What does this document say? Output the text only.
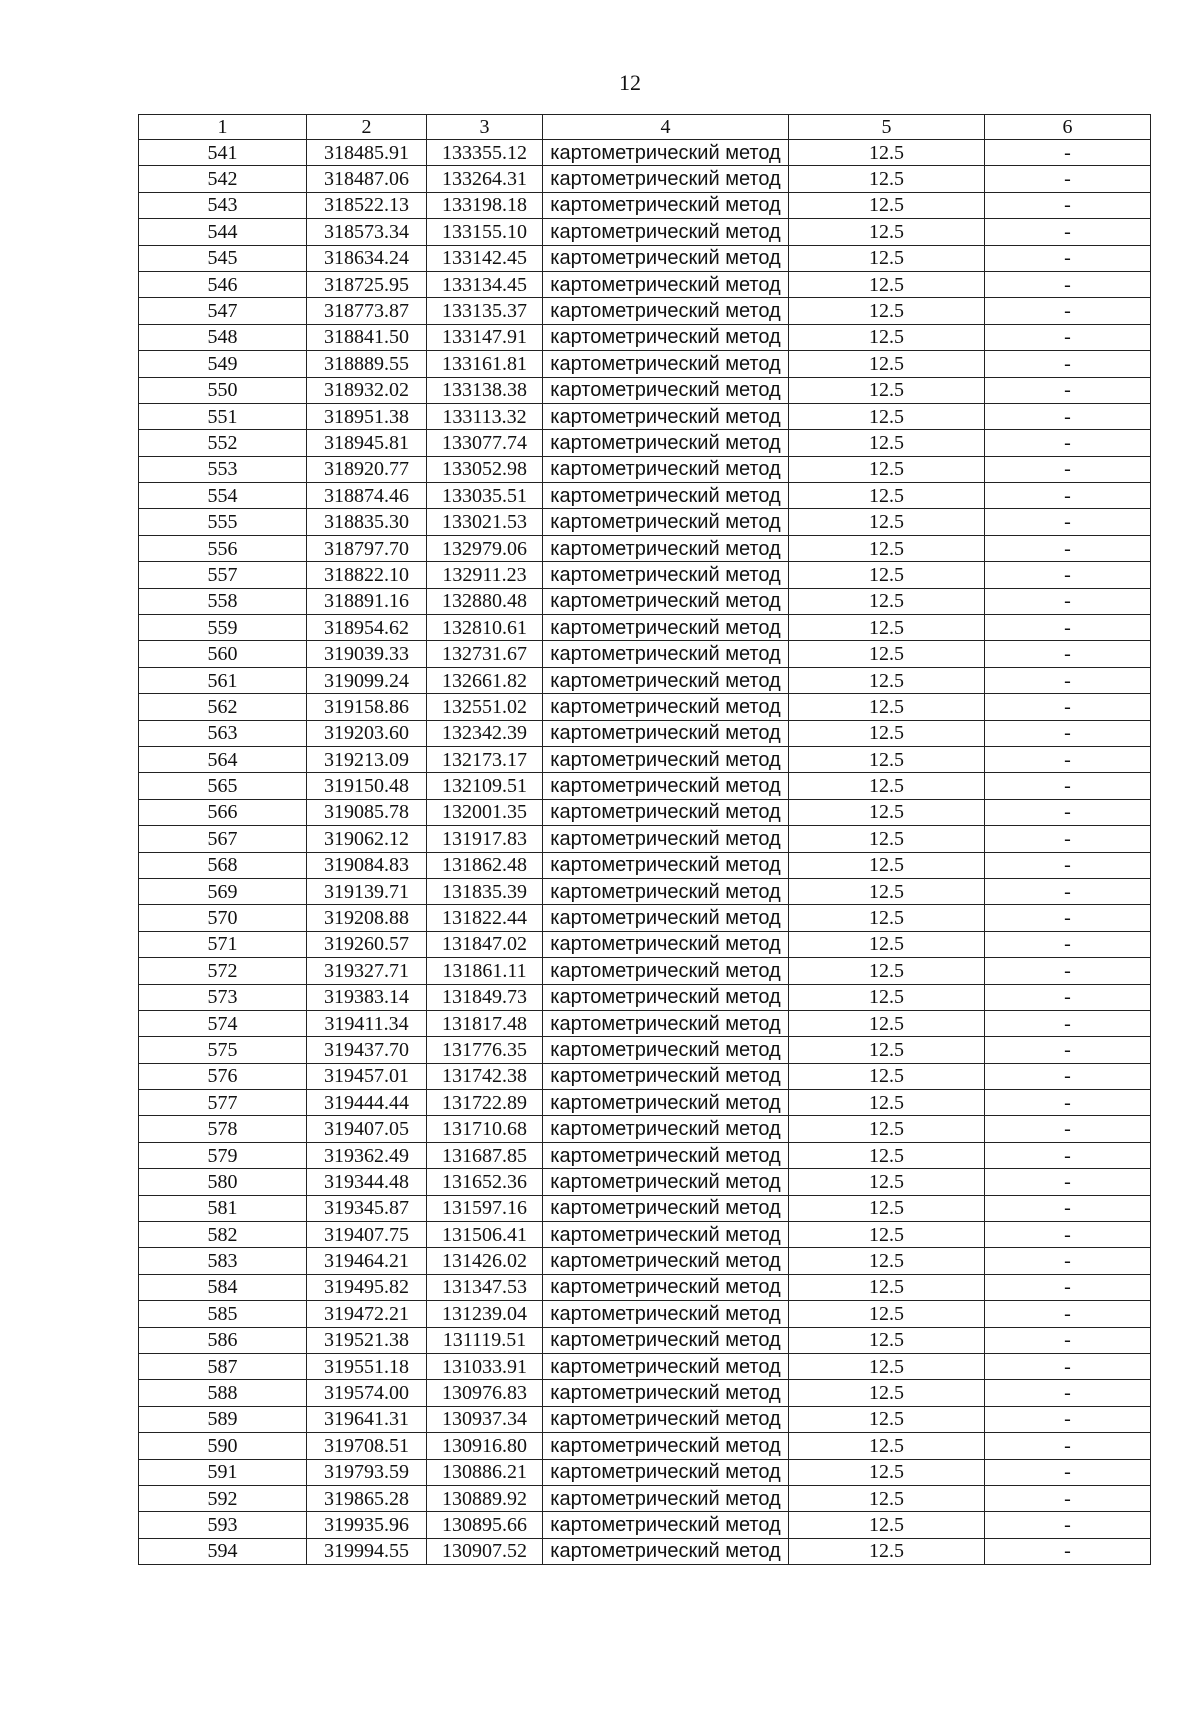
12
1	2	3	4	5	6
541	318485.91	133355.12	картометрический метод	12.5	-
542	318487.06	133264.31	картометрический метод	12.5	-
543	318522.13	133198.18	картометрический метод	12.5	-
544	318573.34	133155.10	картометрический метод	12.5	-
545	318634.24	133142.45	картометрический метод	12.5	-
546	318725.95	133134.45	картометрический метод	12.5	-
547	318773.87	133135.37	картометрический метод	12.5	-
548	318841.50	133147.91	картометрический метод	12.5	-
549	318889.55	133161.81	картометрический метод	12.5	-
550	318932.02	133138.38	картометрический метод	12.5	-
551	318951.38	133113.32	картометрический метод	12.5	-
552	318945.81	133077.74	картометрический метод	12.5	-
553	318920.77	133052.98	картометрический метод	12.5	-
554	318874.46	133035.51	картометрический метод	12.5	-
555	318835.30	133021.53	картометрический метод	12.5	-
556	318797.70	132979.06	картометрический метод	12.5	-
557	318822.10	132911.23	картометрический метод	12.5	-
558	318891.16	132880.48	картометрический метод	12.5	-
559	318954.62	132810.61	картометрический метод	12.5	-
560	319039.33	132731.67	картометрический метод	12.5	-
561	319099.24	132661.82	картометрический метод	12.5	-
562	319158.86	132551.02	картометрический метод	12.5	-
563	319203.60	132342.39	картометрический метод	12.5	-
564	319213.09	132173.17	картометрический метод	12.5	-
565	319150.48	132109.51	картометрический метод	12.5	-
566	319085.78	132001.35	картометрический метод	12.5	-
567	319062.12	131917.83	картометрический метод	12.5	-
568	319084.83	131862.48	картометрический метод	12.5	-
569	319139.71	131835.39	картометрический метод	12.5	-
570	319208.88	131822.44	картометрический метод	12.5	-
571	319260.57	131847.02	картометрический метод	12.5	-
572	319327.71	131861.11	картометрический метод	12.5	-
573	319383.14	131849.73	картометрический метод	12.5	-
574	319411.34	131817.48	картометрический метод	12.5	-
575	319437.70	131776.35	картометрический метод	12.5	-
576	319457.01	131742.38	картометрический метод	12.5	-
577	319444.44	131722.89	картометрический метод	12.5	-
578	319407.05	131710.68	картометрический метод	12.5	-
579	319362.49	131687.85	картометрический метод	12.5	-
580	319344.48	131652.36	картометрический метод	12.5	-
581	319345.87	131597.16	картометрический метод	12.5	-
582	319407.75	131506.41	картометрический метод	12.5	-
583	319464.21	131426.02	картометрический метод	12.5	-
584	319495.82	131347.53	картометрический метод	12.5	-
585	319472.21	131239.04	картометрический метод	12.5	-
586	319521.38	131119.51	картометрический метод	12.5	-
587	319551.18	131033.91	картометрический метод	12.5	-
588	319574.00	130976.83	картометрический метод	12.5	-
589	319641.31	130937.34	картометрический метод	12.5	-
590	319708.51	130916.80	картометрический метод	12.5	-
591	319793.59	130886.21	картометрический метод	12.5	-
592	319865.28	130889.92	картометрический метод	12.5	-
593	319935.96	130895.66	картометрический метод	12.5	-
594	319994.55	130907.52	картометрический метод	12.5	-
